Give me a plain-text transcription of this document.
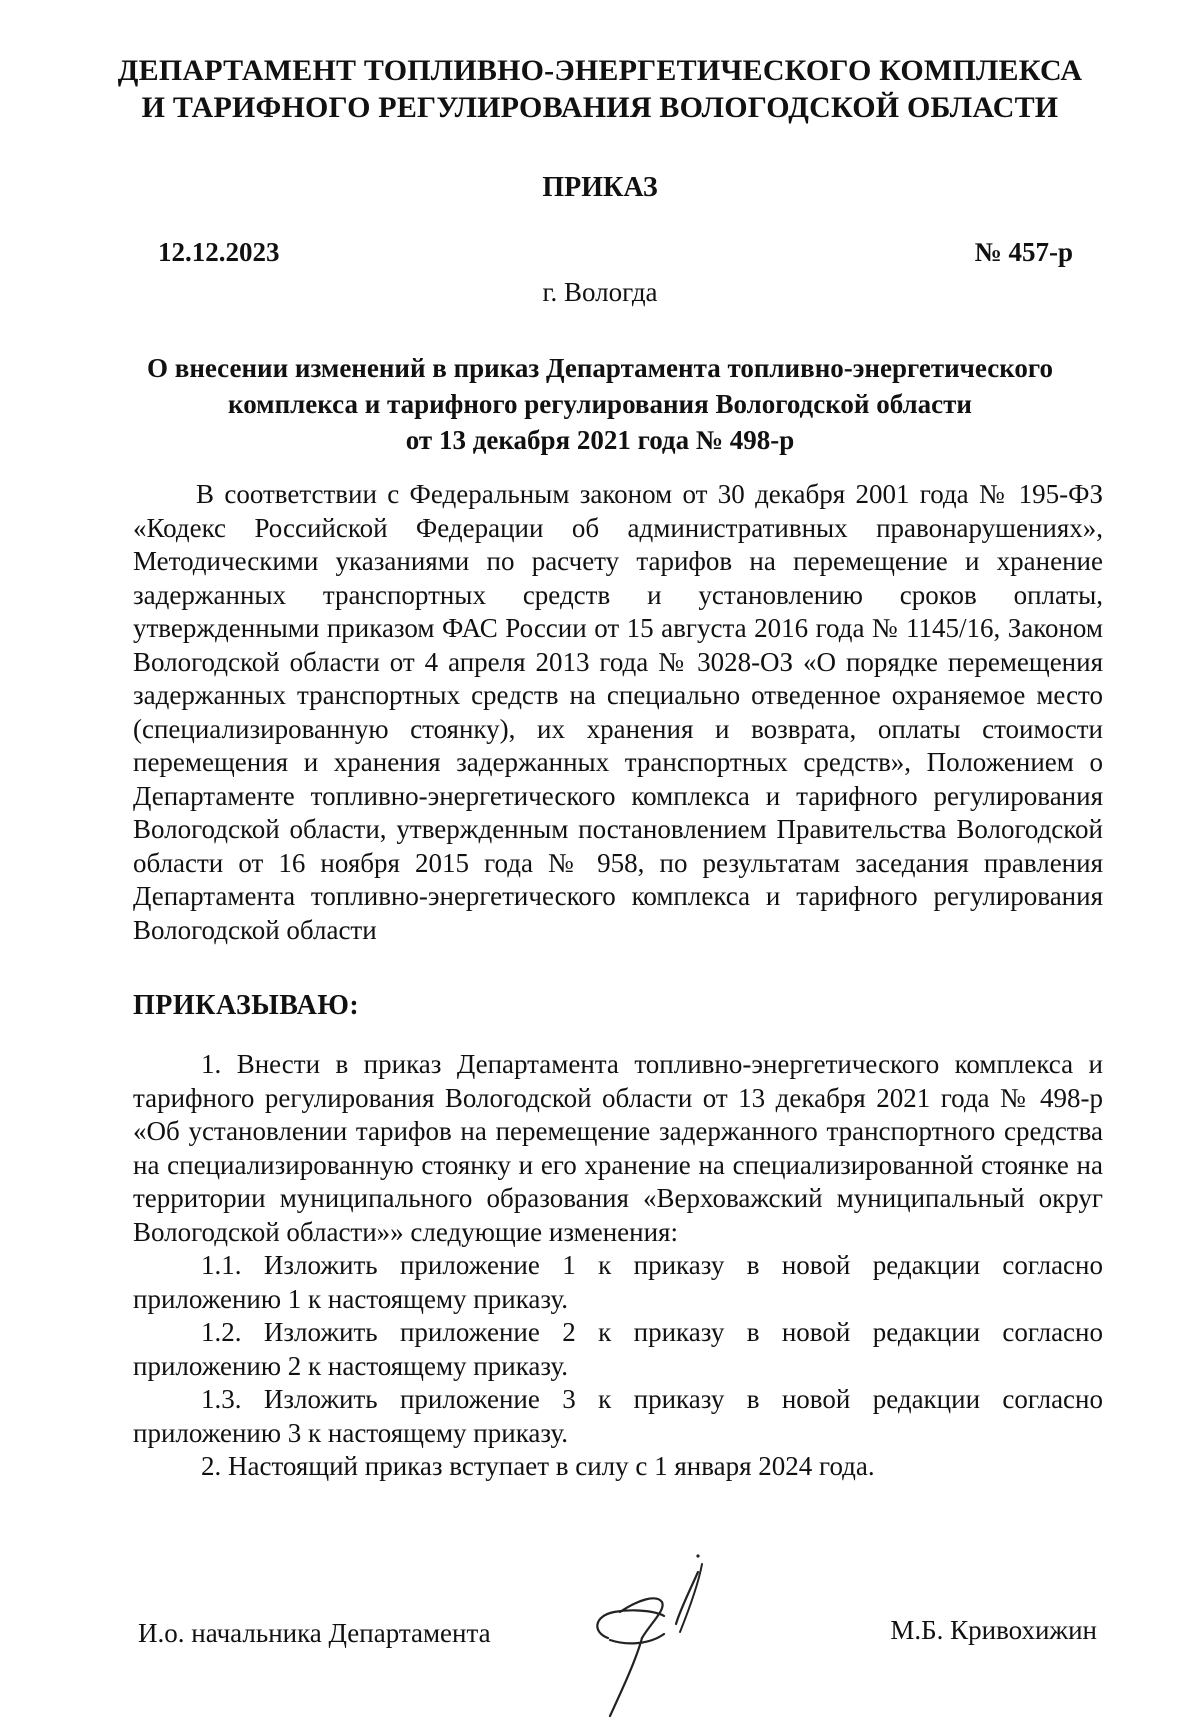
ДЕПАРТАМЕНТ ТОПЛИВНО-ЭНЕРГЕТИЧЕСКОГО КОМПЛЕКСА
И ТАРИФНОГО РЕГУЛИРОВАНИЯ ВОЛОГОДСКОЙ ОБЛАСТИ
ПРИКАЗ
12.12.2023	№ 457-р
г. Вологда
О внесении изменений в приказ Департамента топливно-энергетического
комплекса и тарифного регулирования Вологодской области
от 13 декабря 2021 года № 498-р
В соответствии с Федеральным законом от 30 декабря 2001 года № 195-ФЗ «Кодекс Российской Федерации об административных правонарушениях», Методическими указаниями по расчету тарифов на перемещение и хранение задержанных транспортных средств и установлению сроков оплаты, утвержденными приказом ФАС России от 15 августа 2016 года № 1145/16, Законом Вологодской области от 4 апреля 2013 года № 3028-ОЗ «О порядке перемещения задержанных транспортных средств на специально отведенное охраняемое место (специализированную стоянку), их хранения и возврата, оплаты стоимости перемещения и хранения задержанных транспортных средств», Положением о Департаменте топливно-энергетического комплекса и тарифного регулирования Вологодской области, утвержденным постановлением Правительства Вологодской области от 16 ноября 2015 года № 958, по результатам заседания правления Департамента топливно-энергетического комплекса и тарифного регулирования Вологодской области
ПРИКАЗЫВАЮ:

1. Внести в приказ Департамента топливно-энергетического комплекса и тарифного регулирования Вологодской области от 13 декабря 2021 года № 498-р «Об установлении тарифов на перемещение задержанного транспортного средства на специализированную стоянку и его хранение на специализированной стоянке на территории муниципального образования «Верховажский муниципальный округ Вологодской области»» следующие изменения:

1.1. Изложить приложение 1 к приказу в новой редакции согласно приложению 1 к настоящему приказу.

1.2. Изложить приложение 2 к приказу в новой редакции согласно приложению 2 к настоящему приказу.

1.3. Изложить приложение 3 к приказу в новой редакции согласно приложению 3 к настоящему приказу.

2. Настоящий приказ вступает в силу с 1 января 2024 года.

И.о. начальника Департамента	М.Б. Кривохижин
